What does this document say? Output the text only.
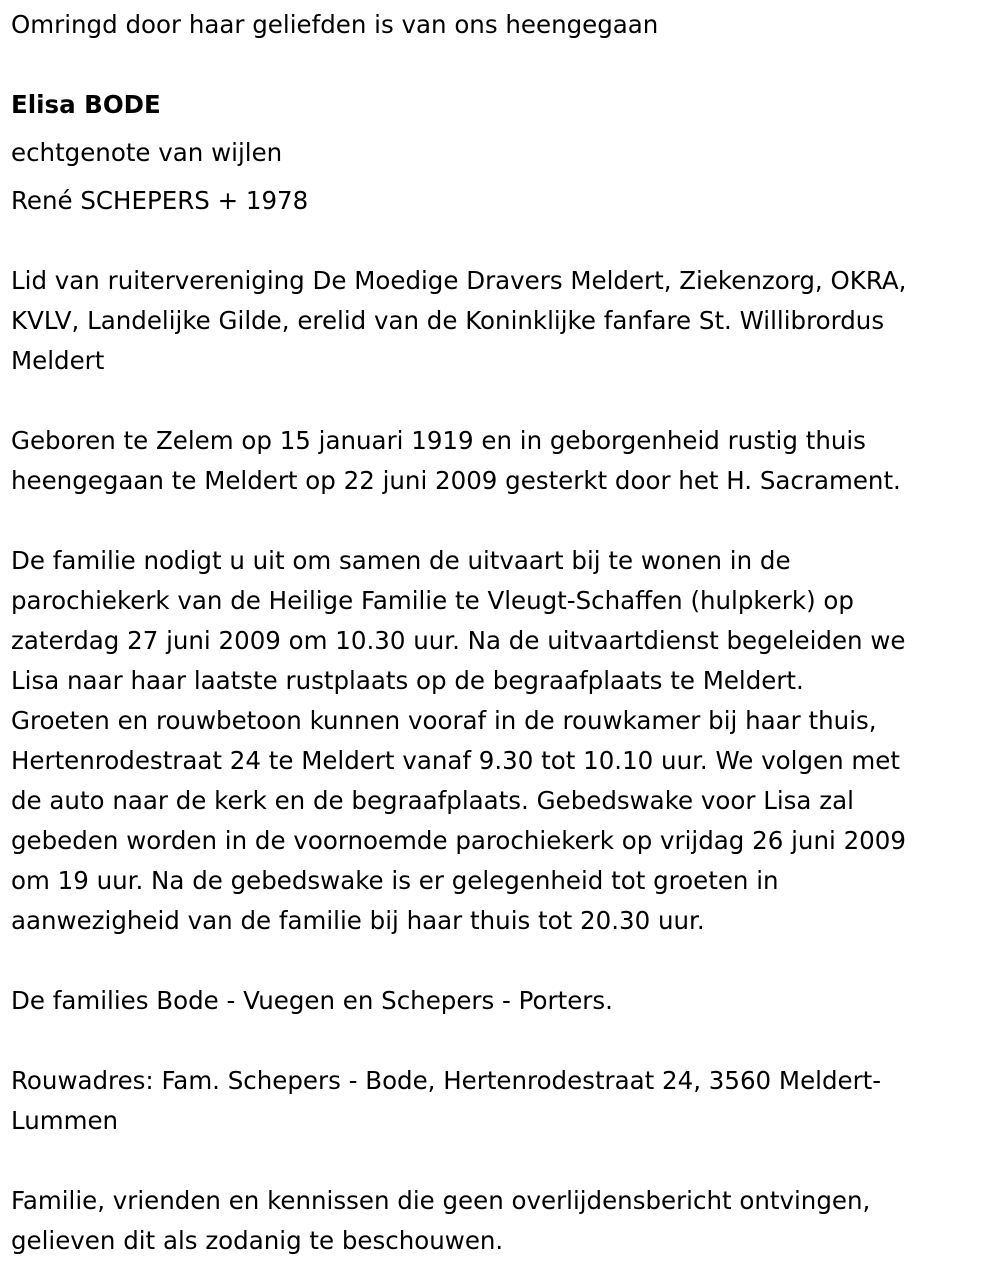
Omringd door haar geliefden is van ons heengegaan

Elisa BODE

echtgenote van wijlen

René SCHEPERS + 1978

Lid van ruitervereniging De Moedige Dravers Meldert, Ziekenzorg, OKRA,

KVLV, Landelijke Gilde, erelid van de Koninklijke fanfare St. Willibrordus

Meldert

Geboren te Zelem op 15 januari 1919 en in geborgenheid rustig thuis

heengegaan te Meldert op 22 juni 2009 gesterkt door het H. Sacrament.

De familie nodigt u uit om samen de uitvaart bij te wonen in de

parochiekerk van de Heilige Familie te Vleugt-Schaffen (hulpkerk) op

zaterdag 27 juni 2009 om 10.30 uur. Na de uitvaartdienst begeleiden we

Lisa naar haar laatste rustplaats op de begraafplaats te Meldert.

Groeten en rouwbetoon kunnen vooraf in de rouwkamer bij haar thuis,

Hertenrodestraat 24 te Meldert vanaf 9.30 tot 10.10 uur. We volgen met

de auto naar de kerk en de begraafplaats. Gebedswake voor Lisa zal

gebeden worden in de voornoemde parochiekerk op vrijdag 26 juni 2009

om 19 uur. Na de gebedswake is er gelegenheid tot groeten in

aanwezigheid van de familie bij haar thuis tot 20.30 uur.

De families Bode - Vuegen en Schepers - Porters.

Rouwadres: Fam. Schepers - Bode, Hertenrodestraat 24, 3560 Meldert-

Lummen

Familie, vrienden en kennissen die geen overlijdensbericht ontvingen,

gelieven dit als zodanig te beschouwen.
